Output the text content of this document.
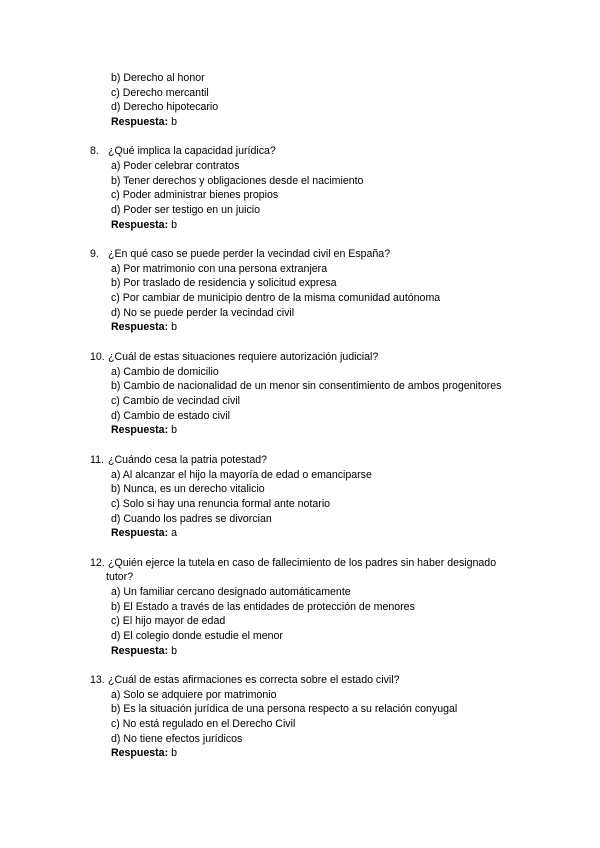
b) Derecho al honor
c) Derecho mercantil
d) Derecho hipotecario
Respuesta: b
8. ¿Qué implica la capacidad jurídica?
a) Poder celebrar contratos
b) Tener derechos y obligaciones desde el nacimiento
c) Poder administrar bienes propios
d) Poder ser testigo en un juicio
Respuesta: b
9. ¿En qué caso se puede perder la vecindad civil en España?
a) Por matrimonio con una persona extranjera
b) Por traslado de residencia y solicitud expresa
c) Por cambiar de municipio dentro de la misma comunidad autónoma
d) No se puede perder la vecindad civil
Respuesta: b
10. ¿Cuál de estas situaciones requiere autorización judicial?
a) Cambio de domicilio
b) Cambio de nacionalidad de un menor sin consentimiento de ambos progenitores
c) Cambio de vecindad civil
d) Cambio de estado civil
Respuesta: b
11. ¿Cuándo cesa la patria potestad?
a) Al alcanzar el hijo la mayoría de edad o emanciparse
b) Nunca, es un derecho vitalicio
c) Solo si hay una renuncia formal ante notario
d) Cuando los padres se divorcian
Respuesta: a
12. ¿Quién ejerce la tutela en caso de fallecimiento de los padres sin haber designado
tutor?
a) Un familiar cercano designado automáticamente
b) El Estado a través de las entidades de protección de menores
c) El hijo mayor de edad
d) El colegio donde estudie el menor
Respuesta: b
13. ¿Cuál de estas afirmaciones es correcta sobre el estado civil?
a) Solo se adquiere por matrimonio
b) Es la situación jurídica de una persona respecto a su relación conyugal
c) No está regulado en el Derecho Civil
d) No tiene efectos jurídicos
Respuesta: b
